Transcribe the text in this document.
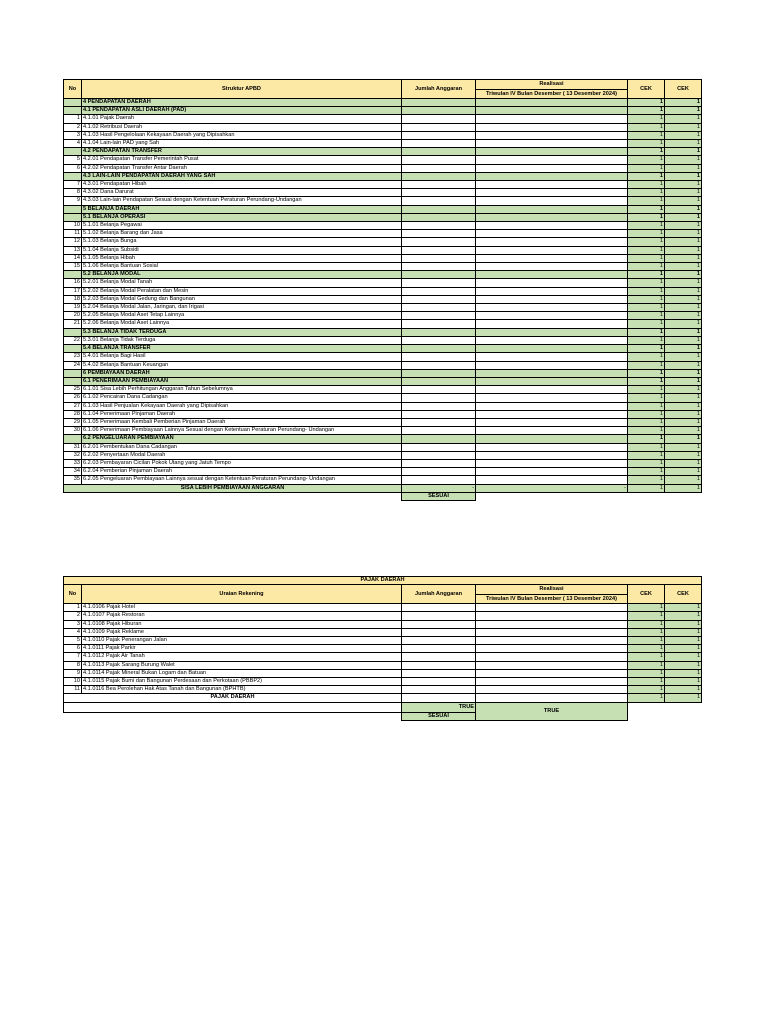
No	Struktur APBD	Jumlah Anggaran	Realisasi	CEK	CEK
			Triwulan IV Bulan Desember ( 13 Desember 2024)		
	4 PENDAPATAN DAERAH			1	1
	4.1 PENDAPATAN ASLI DAERAH (PAD)			1	1
1	4.1.01 Pajak Daerah			1	1
2	4.1.02 Retribusi Daerah			1	1
3	4.1.03 Hasil Pengelolaan Kekayaan Daerah yang Dipisahkan			1	1
4	4.1.04 Lain-lain PAD yang Sah			1	1
	4.2 PENDAPATAN TRANSFER			1	1
5	4.2.01 Pendapatan Transfer Pemerintah Pusat			1	1
6	4.2.02 Pendapatan Transfer Antar Daerah			1	1
	4.3 LAIN-LAIN PENDAPATAN DAERAH YANG SAH			1	1
7	4.3.01 Pendapatan Hibah			1	1
8	4.3.02 Dana Darurat			1	1
9	4.3.03 Lain-lain Pendapatan Sesuai dengan Ketentuan Peraturan Perundang-Undangan			1	1
	5 BELANJA DAERAH			1	1
	5.1 BELANJA OPERASI			1	1
10	5.1.01 Belanja Pegawai			1	1
11	5.1.02 Belanja Barang dan Jasa			1	1
12	5.1.03 Belanja Bunga			1	1
13	5.1.04 Belanja Subsidi			1	1
14	5.1.05 Belanja Hibah			1	1
15	5.1.06 Belanja Bantuan Sosial			1	1
	5.2 BELANJA MODAL			1	1
16	5.2.01 Belanja Modal Tanah			1	1
17	5.2.02 Belanja Modal Peralatan dan Mesin			1	1
18	5.2.03 Belanja Modal Gedung dan Bangunan			1	1
19	5.2.04 Belanja Modal Jalan, Jaringan, dan Irigasi			1	1
20	5.2.05 Belanja Modal Aset Tetap Lainnya			1	1
21	5.2.06 Belanja Modal Aset Lainnya			1	1
	5.3 BELANJA TIDAK TERDUGA			1	1
22	5.3.01 Belanja Tidak Terduga			1	1
	5.4 BELANJA TRANSFER			1	1
23	5.4.01 Belanja Bagi Hasil			1	1
24	5.4.02 Belanja Bantuan Keuangan			1	1
	6 PEMBIAYAAN DAERAH			1	1
	6.1 PENERIMAAN PEMBIAYAAN			1	1
25	6.1.01 Sisa Lebih Perhitungan Anggaran Tahun Sebelumnya			1	1
26	6.1.02 Pencairan Dana Cadangan			1	1
27	6.1.03 Hasil Penjualan Kekayaan Daerah yang Dipisahkan			1	1
28	6.1.04 Penerimaan Pinjaman Daerah			1	1
29	6.1.05 Penerimaan Kembali Pemberian Pinjaman Daerah			1	1
30	6.1.06 Penerimaan Pembiayaan Lainnya Sesuai dengan Ketentuan Peraturan Perundang- Undangan			1	1
	6.2 PENGELUARAN PEMBIAYAAN			1	1
31	6.2.01 Pembentukan Dana Cadangan			1	1
32	6.2.02 Penyertaan Modal Daerah			1	1
33	6.2.03 Pembayaran Cicilan Pokok Utang yang Jatuh Tempo			1	1
34	6.2.04 Pemberian Pinjaman Daerah			1	1
35	6.2.05 Pengeluaran Pembiayaan Lainnya sesuai dengan Ketentuan Peraturan Perundang- Undangan			1	1
SISA LEBIH PEMBIAYAAN ANGGARAN		-	-	1	1
		SESUAI			
PAJAK DAERAH					
No	Uraian Rekening	Jumlah Anggaran	Realisasi	CEK	CEK
			Triwulan IV Bulan Desember ( 13 Desember 2024)		
1	4.1.0106 Pajak Hotel			1	1
2	4.1.0107 Pajak Restoran			1	1
3	4.1.0108 Pajak Hiburan			1	1
4	4.1.0109 Pajak Reklame			1	1
5	4.1.0110 Pajak Penerangan Jalan			1	1
6	4.1.0111 Pajak Parkir			1	1
7	4.1.0112 Pajak Air Tanah			1	1
8	4.1.0113 Pajak Sarang Burung Walet			1	1
9	4.1.0114 Pajak Mineral Bukan Logam dan Batuan			1	1
10	4.1.0115 Pajak Bumi dan Bangunan Perdesaan dan Perkotaan (PBBP2)			1	1
11	4.1.0116 Bea Perolehan Hak Atas Tanah dan Bangunan (BPHTB)			1	1
PAJAK DAERAH				1	1
		TRUE	TRUE		
		SESUAI			
